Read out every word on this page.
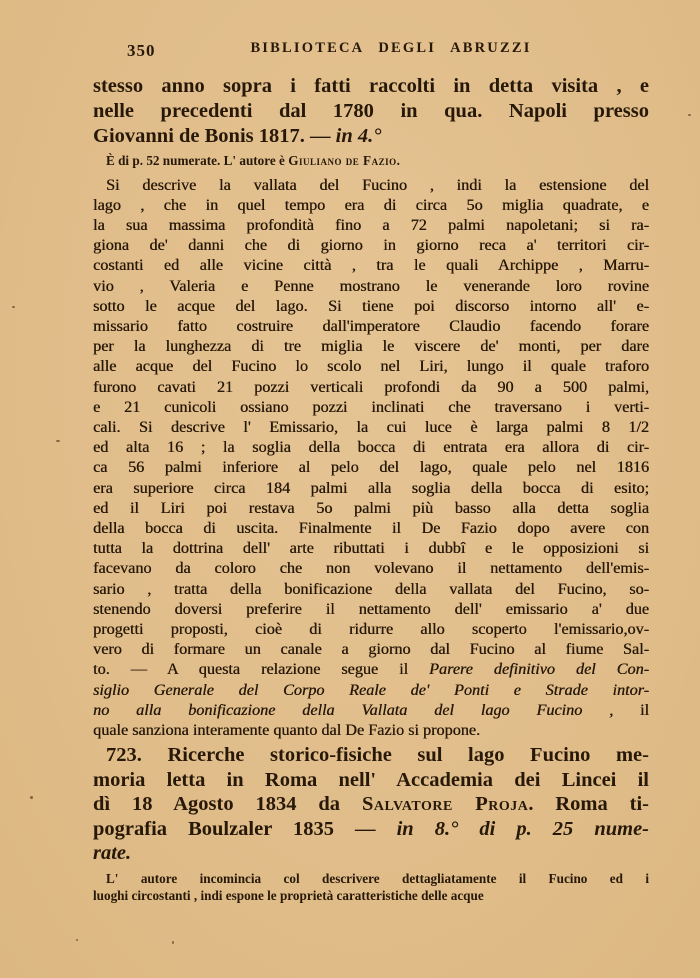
350	BIBLIOTECA DEGLI ABRUZZI
stesso anno sopra i fatti raccolti in detta visita , e
nelle precedenti dal 1780 in qua. Napoli presso
Giovanni de Bonis 1817. — in 4.°
È di p. 52 numerate. L' autore è Giuliano de Fazio.
Si descrive la vallata del Fucino , indi la estensione del
lago , che in quel tempo era di circa 5o miglia quadrate, e
la sua massima profondità fino a 72 palmi napoletani; si ra-
giona de' danni che di giorno in giorno reca a' territori cir-
costanti ed alle vicine città , tra le quali Archippe , Marru-
vio , Valeria e Penne mostrano le venerande loro rovine
sotto le acque del lago. Si tiene poi discorso intorno all' e-
missario fatto costruire dall'imperatore Claudio facendo forare
per la lunghezza di tre miglia le viscere de' monti, per dare
alle acque del Fucino lo scolo nel Liri, lungo il quale traforo
furono cavati 21 pozzi verticali profondi da 90 a 500 palmi,
e 21 cunicoli ossiano pozzi inclinati che traversano i verti-
cali. Si descrive l' Emissario, la cui luce è larga palmi 8 1/2
ed alta 16 ; la soglia della bocca di entrata era allora di cir-
ca 56 palmi inferiore al pelo del lago, quale pelo nel 1816
era superiore circa 184 palmi alla soglia della bocca di esito;
ed il Liri poi restava 5o palmi più basso alla detta soglia
della bocca di uscita. Finalmente il De Fazio dopo avere con
tutta la dottrina dell' arte ributtati i dubbî e le opposizioni si
facevano da coloro che non volevano il nettamento dell'emis-
sario , tratta della bonificazione della vallata del Fucino, so-
stenendo doversi preferire il nettamento dell' emissario a' due
progetti proposti, cioè di ridurre allo scoperto l'emissario,ov-
vero di formare un canale a giorno dal Fucino al fiume Sal-
to. — A questa relazione segue il Parere definitivo del Con-
siglio Generale del Corpo Reale de' Ponti e Strade intor-
no alla bonificazione della Vallata del lago Fucino , il
quale sanziona interamente quanto dal De Fazio si propone.
723. Ricerche storico-fisiche sul lago Fucino me-
moria letta in Roma nell' Accademia dei Lincei il
dì 18 Agosto 1834 da Salvatore Proja. Roma ti-
pografia Boulzaler 1835 — in 8.° di p. 25 nume-
rate.
L' autore incomincia col descrivere dettagliatamente il Fucino ed i
luoghi circostanti , indi espone le proprietà caratteristiche delle acque
